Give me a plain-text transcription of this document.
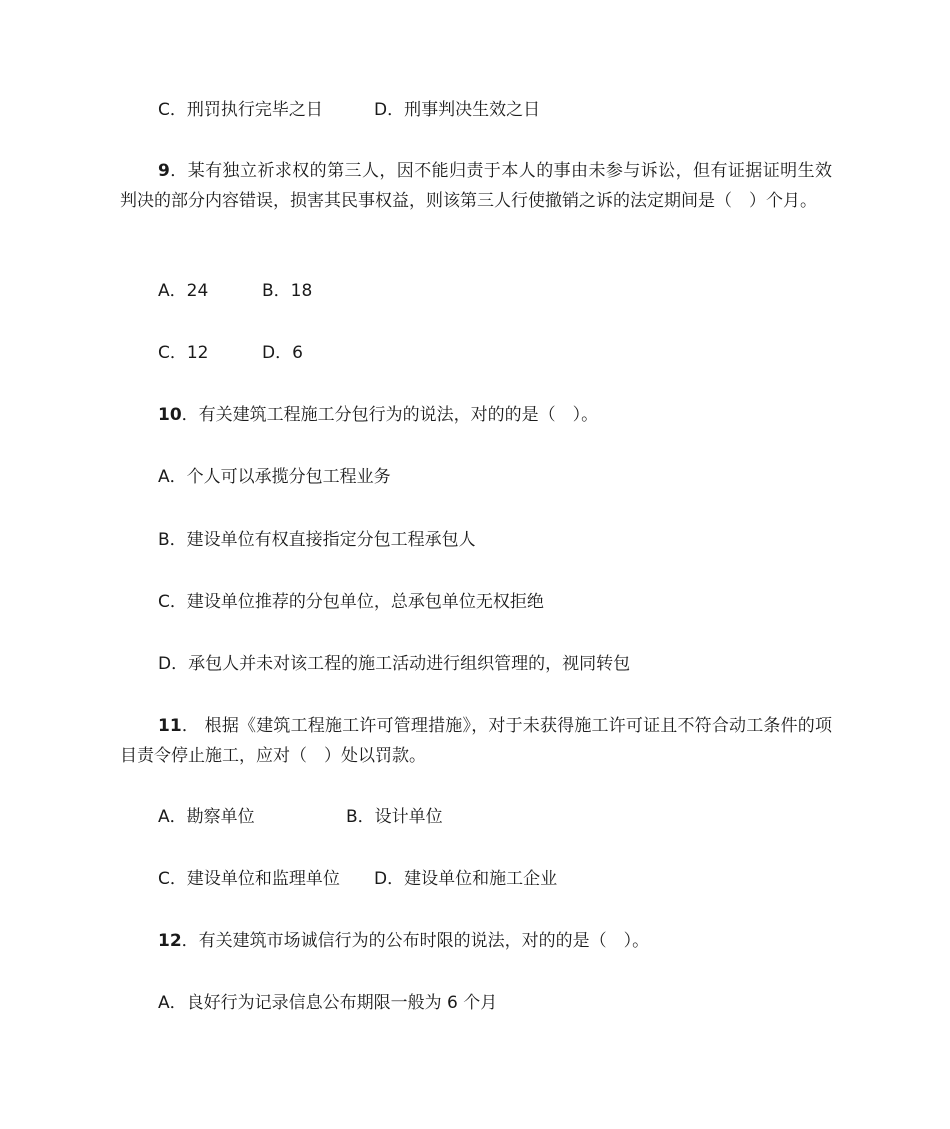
C．刑罚执行完毕之日	D．刑事判决生效之日
9．某有独立祈求权的第三人，因不能归责于本人的事由未参与诉讼，但有证据证明生效判决的部分内容错误，损害其民事权益，则该第三人行使撤销之诉的法定期间是（　）个月。
A．24	B．18
C．12	D．6
10．有关建筑工程施工分包行为的说法，对的的是（　）。
A．个人可以承揽分包工程业务
B．建设单位有权直接指定分包工程承包人
C．建设单位推荐的分包单位，总承包单位无权拒绝
D．承包人并未对该工程的施工活动进行组织管理的，视同转包
11． 根据《建筑工程施工许可管理措施》，对于未获得施工许可证且不符合动工条件的项目责令停止施工，应对（　）处以罚款。
A．勘察单位	B．设计单位
C．建设单位和监理单位 D．建设单位和施工企业
12．有关建筑市场诚信行为的公布时限的说法，对的的是（　）。
A．良好行为记录信息公布期限一般为 6 个月
